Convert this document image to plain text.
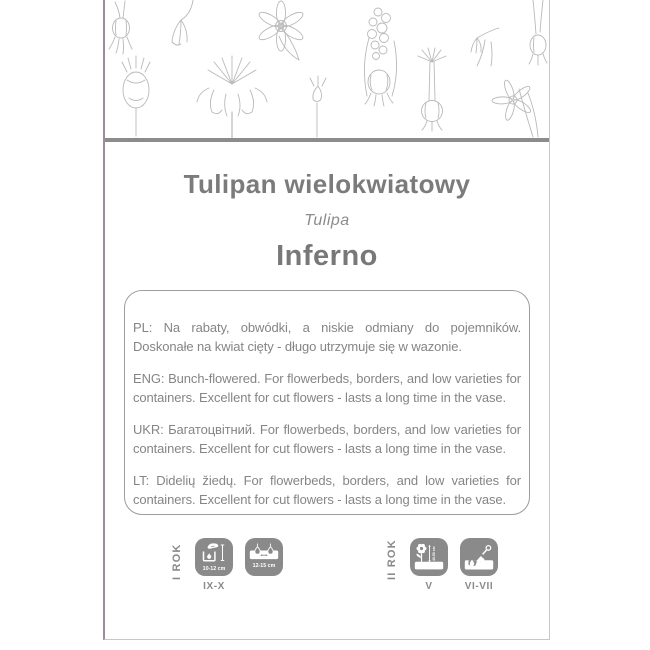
Tulipan wielokwiatowy
Tulipa
Inferno

PL: Na rabaty, obwódki, a niskie odmiany do pojemników. Doskonałe na kwiat cięty - długo utrzymuje się w wazonie.

ENG: Bunch-flowered. For flowerbeds, borders, and low varieties for containers. Excellent for cut flowers - lasts a long time in the vase.

UKR: Багатоцвітний. For flowerbeds, borders, and low varieties for containers. Excellent for cut flowers - lasts a long time in the vase.

LT: Didelių žiedų. For flowerbeds, borders, and low varieties for containers. Excellent for cut flowers - lasts a long time in the vase.

I ROK	10-12 cm
IX-X
12-15 cm	II ROK	40-50 cm
V	VI-VII
